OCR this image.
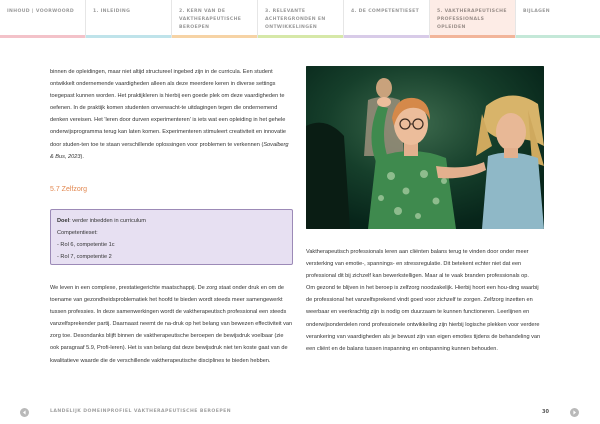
INHOUD | VOORWOORD	1. INLEIDING	2. KERN VAN DE
VAKTHERAPEUTISCHE
BEROEPEN
3. RELEVANTE
ACHTERGRONDEN EN
ONTWIKKELINGEN
4. DE COMPETENTIESET	5. VAKTHERAPEUTISCHE
PROFESSIONALS
OPLEIDEN
BIJLAGEN

binnen de opleidingen, maar niet altijd structureel ingebed zijn in de curricula. Een student ontwikkelt ondernemende vaardigheden alleen als deze meerdere keren in diverse settings toegepast kunnen worden. Het praktijkleren is hierbij een goede plek om deze vaardigheden te oefenen. In de praktijk komen studenten onverwacht-te uitdagingen tegen die ondernemend denken vereisen. Het 'leren door durven experimenteren' is iets wat een opleiding in het gehele onderwijsprogramma terug kan laten komen. Experimenteren stimuleert creativiteit en innovatie door studen-ten toe te staan verschillende oplossingen voor problemen te verkennen (Sovalberg & Bus, 2023).

5.7 Zelfzorg
Doel: verder inbedden in curriculum
Competentieset:
- Rol 6, competentie 1c
- Rol 7, competentie 2

We leven in een complexe, prestatiegerichte maatschappij. De zorg staat onder druk en om de toename van gezondheidsproblematiek het hoofd te bieden wordt steeds meer samengewerkt tussen professies. In deze samenwerkingen wordt de vaktherapeutisch professional een steeds vanzelfsprekender partij. Daarnaast neemt de na-druk op het belang van bewezen effectiviteit van zorg toe. Desondanks blijft binnen de vaktherapeutische beroepen de bewijsdruk voelbaar (zie ook paragraaf 5.9, Profi-leren). Het is van belang dat deze bewijsdruk niet ten koste gaat van de kwalitatieve waarde die de verschillende vaktherapeutische disciplines te bieden hebben.

Vaktherapeutisch professionals leren aan cliënten balans terug te vinden door onder meer versterking van emotie-, spannings- en stressregulatie. Dit betekent echter niet dat een professional dit bij zichzelf kan bewerkstelligen. Maar al te vaak branden professionals op.

Om gezond te blijven in het beroep is zelfzorg noodzakelijk. Hierbij hoort een hou-ding waarbij de professional het vanzelfsprekend vindt goed voor zichzelf te zorgen. Zelfzorg inzetten en weerbaar en veerkrachtig zijn is nodig om duurzaam te kunnen functioneren. Leerlijnen en onderwijsonderdelen rond professionele ontwikkeling zijn hierbij logische plekken voor verdere verankering van vaardigheden als je bewust zijn van eigen emoties tijdens de behandeling van een cliënt en de balans tussen inspanning en ontspanning kunnen behouden.

LANDELIJK DOMEINPROFIEL VAKTHERAPEUTISCHE BEROEPEN	30
